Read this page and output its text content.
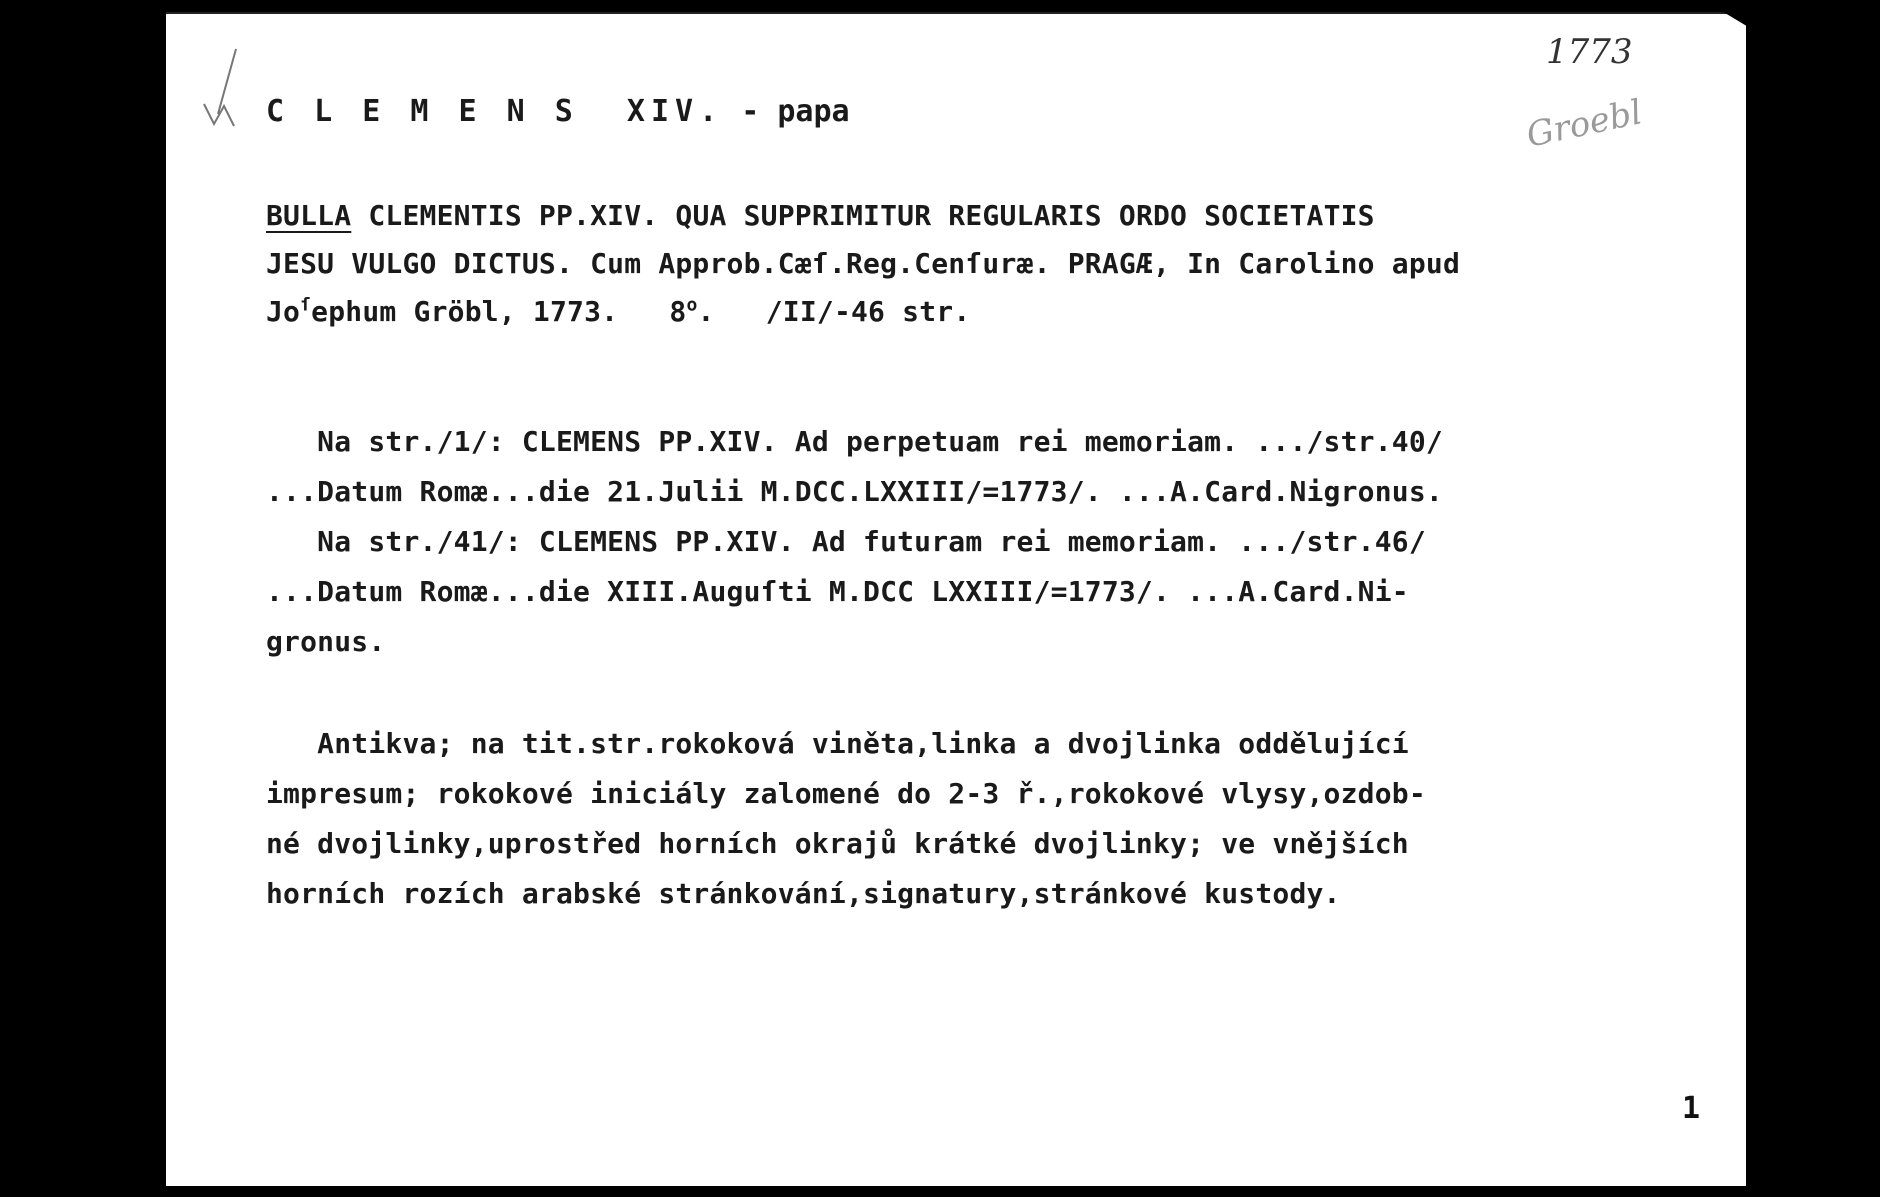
1773
Groebl
C L E M E N S  XIV. - papa
BULLA CLEMENTIS PP.XIV. QUA SUPPRIMITUR REGULARIS ORDO SOCIETATIS
JESU VULGO DICTUS. Cum Approb.Cæſ.Reg.Cenſuræ. PRAGÆ, In Carolino apud
$Jo^ſephum$ Gröbl, 1773.   8$^o$.   /II/-46 str.
Na str./1/: CLEMENS PP.XIV. Ad perpetuam rei memoriam. .../str.40/
...Datum Romæ...die 21.Julii M.DCC.LXXIII/=1773/. ...A.Card.Nigronus.
Na str./41/: CLEMENS PP.XIV. Ad futuram rei memoriam. .../str.46/
...Datum Romæ...die XIII.Auguſti M.DCC LXXIII/=1773/. ...A.Card.Ni-
gronus.
Antikva; na tit.str.rokoková viněta,linka a dvojlinka oddělující
impresum; rokokové iniciály zalomené do 2-3 ř.,rokokové vlysy,ozdob-
né dvojlinky,uprostřed horních okrajů krátké dvojlinky; ve vnějších
horních rozích arabské stránkování,signatury,stránkové kustody.
1
